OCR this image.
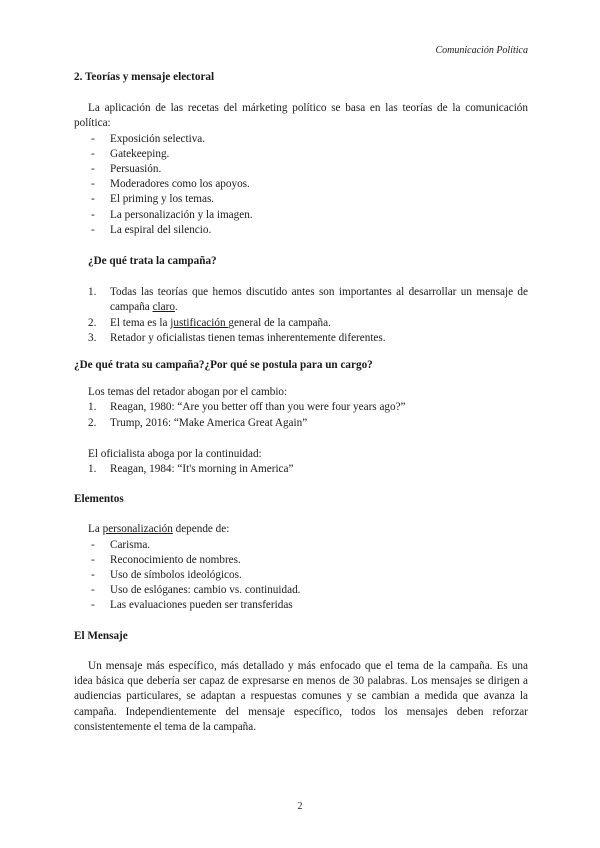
Comunicación Política

2. Teorías y mensaje electoral

La aplicación de las recetas del márketing político se basa en las teorías de la comunicación política:

- Exposición selectiva.
- Gatekeeping.
- Persuasión.
- Moderadores como los apoyos.
- El priming y los temas.
- La personalización y la imagen.
- La espiral del silencio.

¿De qué trata la campaña?

1. Todas las teorías que hemos discutido antes son importantes al desarrollar un mensaje de campaña claro.
2. El tema es la justificación general de la campaña.
3. Retador y oficialistas tienen temas inherentemente diferentes.

¿De qué trata su campaña?¿Por qué se postula para un cargo?

Los temas del retador abogan por el cambio:

1. Reagan, 1980: “Are you better off than you were four years ago?”
2. Trump, 2016: “Make America Great Again”

El oficialista aboga por la continuidad:

1. Reagan, 1984: “It's morning in America”

Elementos

La personalización depende de:

- Carisma.
- Reconocimiento de nombres.
- Uso de símbolos ideológicos.
- Uso de eslóganes: cambio vs. continuidad.
- Las evaluaciones pueden ser transferidas

El Mensaje

Un mensaje más específico, más detallado y más enfocado que el tema de la campaña. Es una idea básica que debería ser capaz de expresarse en menos de 30 palabras. Los mensajes se dirigen a audiencias particulares, se adaptan a respuestas comunes y se cambian a medida que avanza la campaña. Independientemente del mensaje específico, todos los mensajes deben reforzar consistentemente el tema de la campaña.

2
